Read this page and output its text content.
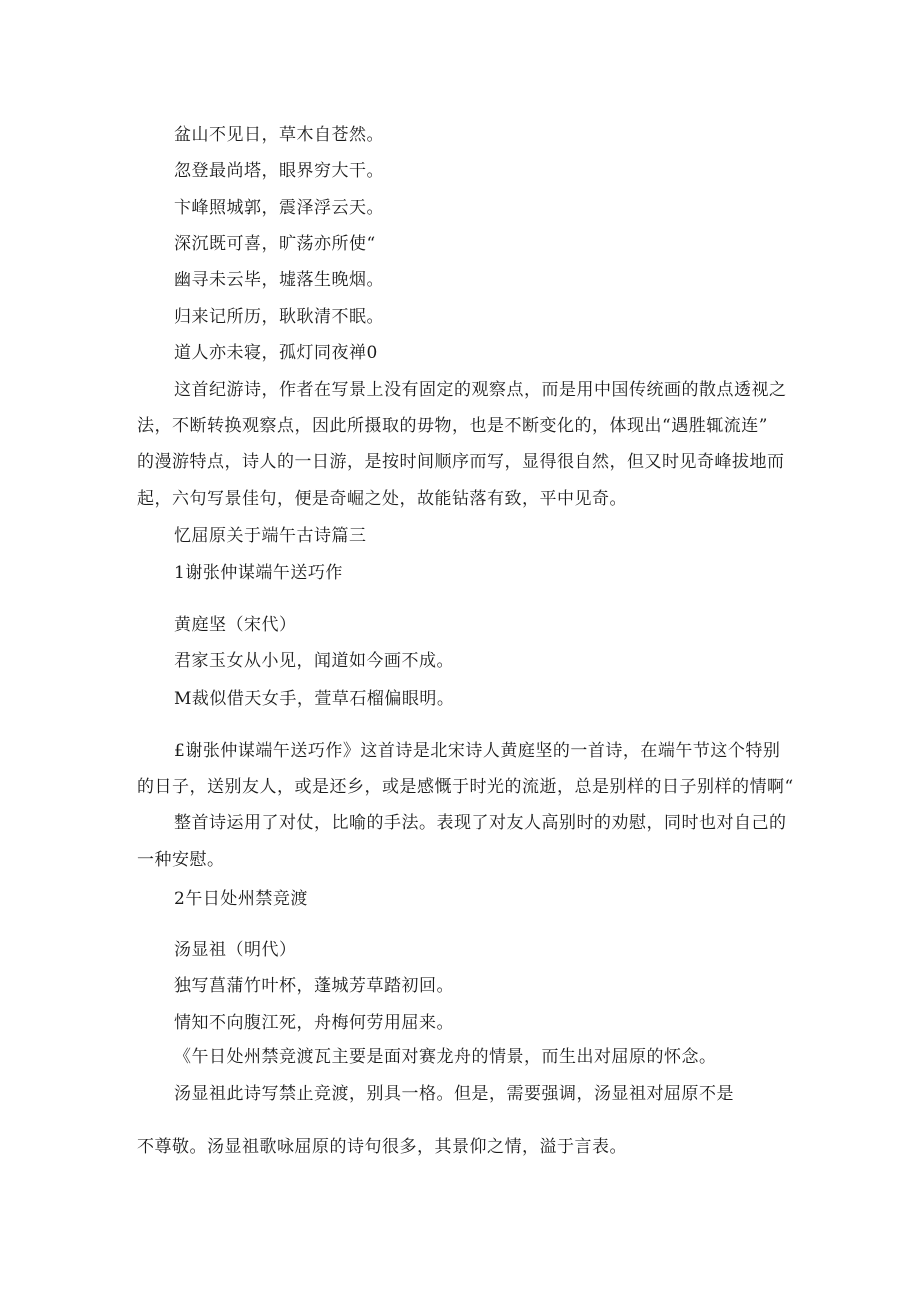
盆山不见日，草木自苍然。

忽登最尚塔，眼界穷大干。

卞峰照城郭，震泽浮云天。

深沉既可喜，旷荡亦所使“

幽寻未云毕，墟落生晚烟。

归来记所历，耿耿清不眠。

道人亦未寝，孤灯同夜禅0

这首纪游诗，作者在写景上没有固定的观察点，而是用中国传统画的散点透视之

法，不断转换观察点，因此所摄取的毋物，也是不断变化的，体现出“遇胜辄流连”

的漫游特点，诗人的一日游，是按时间顺序而写，显得很自然，但又时见奇峰拔地而

起，六句写景佳句，便是奇崛之处，故能钻落有致，平中见奇。

忆屈原关于端午古诗篇三

1谢张仲谋端午送巧作

黄庭坚（宋代）

君家玉女从小见，闻道如今画不成。

M裁似借天女手，萱草石榴偏眼明。

£谢张仲谋端午送巧作》这首诗是北宋诗人黄庭坚的一首诗，在端午节这个特别

的日子，送别友人，或是还乡，或是感慨于时光的流逝，总是别样的日子别样的情啊“

整首诗运用了对仗，比喻的手法。表现了对友人高别时的劝慰，同时也对自己的

一种安慰。

2午日处州禁竞渡

汤显祖（明代）

独写菖蒲竹叶杯，蓬城芳草踏初回。

情知不向腹江死，舟梅何劳用屈来。

《午日处州禁竞渡瓦主要是面对赛龙舟的情景，而生出对屈原的怀念。

汤显祖此诗写禁止竞渡，别具一格。但是，需要强调，汤显祖对屈原不是

不尊敬。汤显祖歌咏屈原的诗句很多，其景仰之情，溢于言表。
